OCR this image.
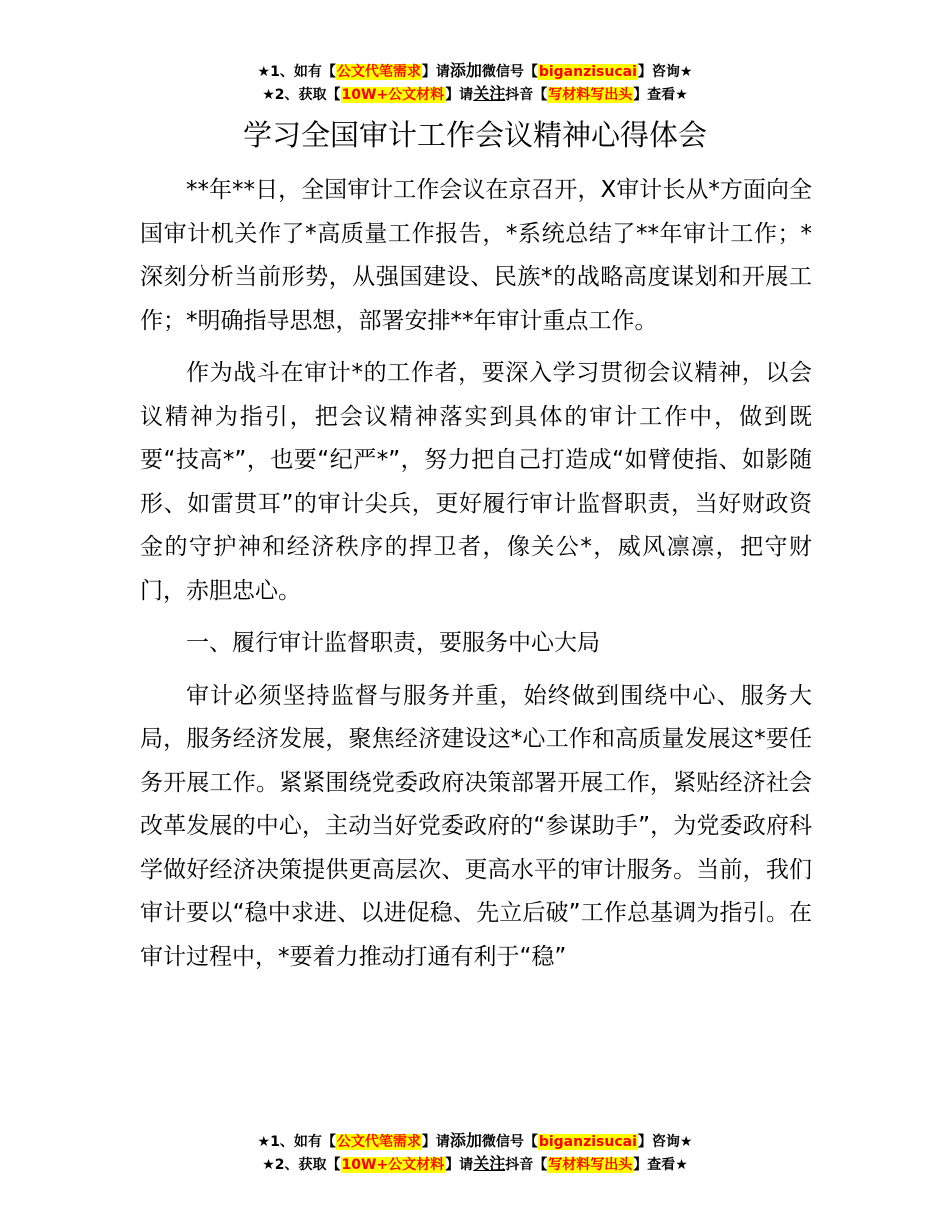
★1、如有【公文代笔需求】请添加微信号【biganzisucai】咨询★
★2、获取【10W+公文材料】请关注抖音【写材料写出头】查看★
学习全国审计工作会议精神心得体会

**年**日，全国审计工作会议在京召开，X审计长从*方面向全国审计机关作了*高质量工作报告，*系统总结了**年审计工作；*深刻分析当前形势，从强国建设、民族*的战略高度谋划和开展工作；*明确指导思想，部署安排**年审计重点工作。

作为战斗在审计*的工作者，要深入学习贯彻会议精神，以会议精神为指引，把会议精神落实到具体的审计工作中，做到既要“技高*”，也要“纪严*”，努力把自己打造成“如臂使指、如影随形、如雷贯耳”的审计尖兵，更好履行审计监督职责，当好财政资金的守护神和经济秩序的捍卫者，像关公*，威风凛凛，把守财门，赤胆忠心。

一、履行审计监督职责，要服务中心大局

审计必须坚持监督与服务并重，始终做到围绕中心、服务大局，服务经济发展，聚焦经济建设这*心工作和高质量发展这*要任务开展工作。紧紧围绕党委政府决策部署开展工作，紧贴经济社会改革发展的中心，主动当好党委政府的“参谋助手”，为党委政府科学做好经济决策提供更高层次、更高水平的审计服务。当前，我们审计要以“稳中求进、以进促稳、先立后破”工作总基调为指引。在审计过程中，*要着力推动打通有利于“稳”

★1、如有【公文代笔需求】请添加微信号【biganzisucai】咨询★
★2、获取【10W+公文材料】请关注抖音【写材料写出头】查看★
